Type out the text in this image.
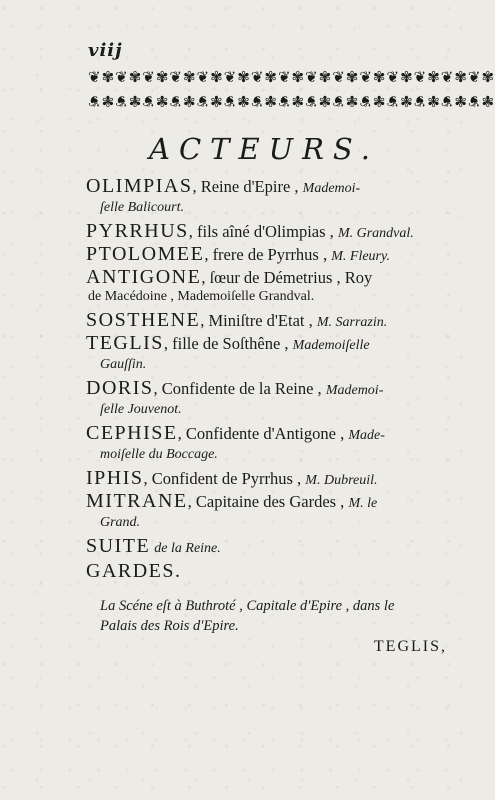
viij
❦✾❦✾❦✾❦✾❦✾❦✾❦✾❦✾❦✾❦✾❦✾❦✾❦✾❦✾❦✾
❦✾❦✾❦✾❦✾❦✾❦✾❦✾❦✾❦✾❦✾❦✾❦✾❦✾❦✾❦✾
ACTEURS.
OLIMPIAS, Reine d'Epire , Mademoi-
ſelle Balicourt.
PYRRHUS, fils aîné d'Olimpias , M. Grandval.
PTOLOMEE, frere de Pyrrhus , M. Fleury.
ANTIGONE, ſœur de Démetrius , Roy
de Macédoine , Mademoiſelle Grandval.
SOSTHENE, Miniſtre d'Etat , M. Sarrazin.
TEGLIS, fille de Soſthêne , Mademoiſelle
Gauſſin.
DORIS, Confidente de la Reine , Mademoi-
ſelle Jouvenot.
CEPHISE, Confidente d'Antigone , Made-
moiſelle du Boccage.
IPHIS, Confident de Pyrrhus , M. Dubreuil.
MITRANE, Capitaine des Gardes , M. le
Grand.
SUITE de la Reine.
GARDES.
La Scéne eſt à Buthroté , Capitale d'Epire , dans le
Palais des Rois d'Epire.
TEGLIS,
